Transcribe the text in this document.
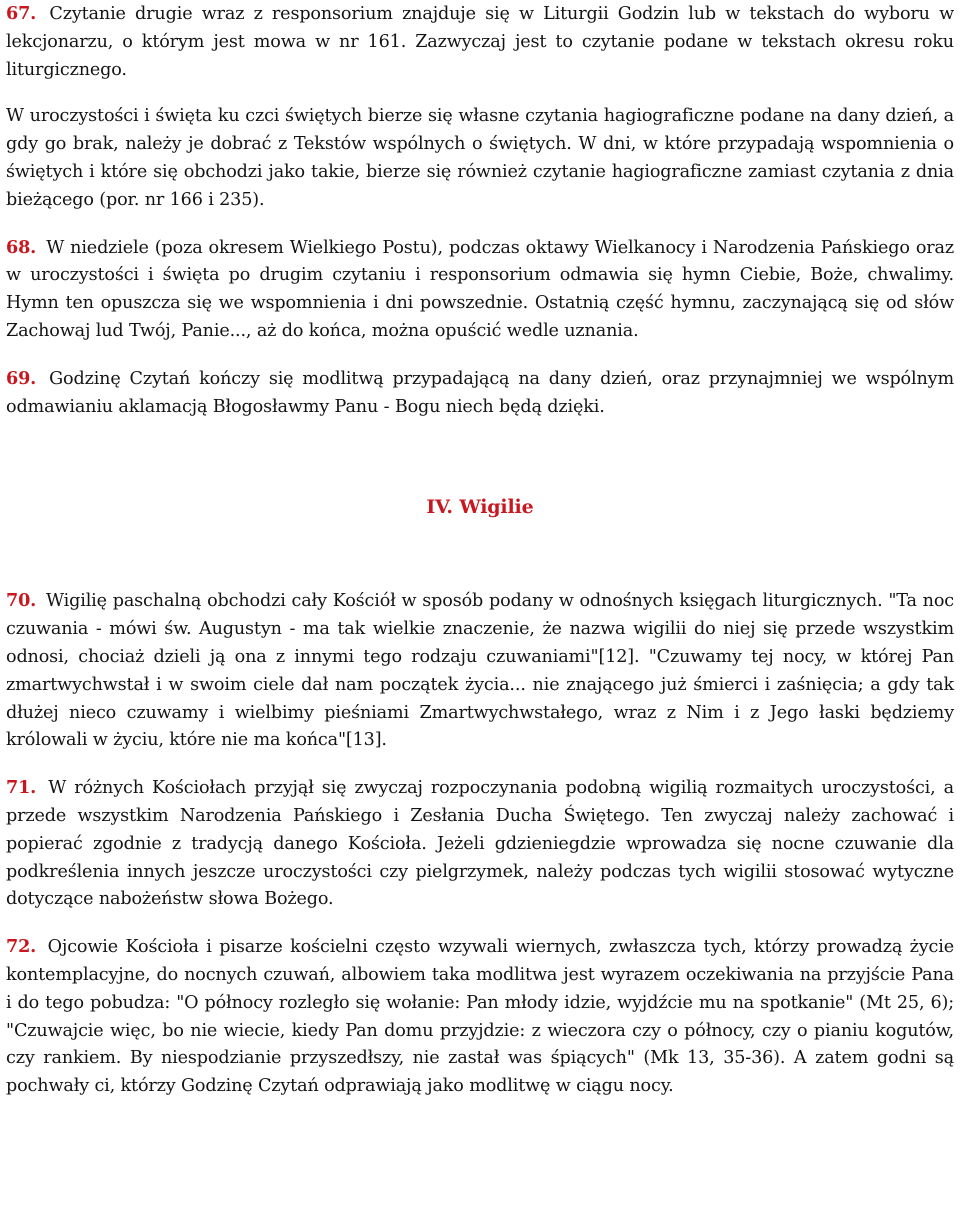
67. Czytanie drugie wraz z responsorium znajduje się w Liturgii Godzin lub w tekstach do wyboru w lekcjonarzu, o którym jest mowa w nr 161. Zazwyczaj jest to czytanie podane w tekstach okresu roku liturgicznego.

W uroczystości i święta ku czci świętych bierze się własne czytania hagiograficzne podane na dany dzień, a gdy go brak, należy je dobrać z Tekstów wspólnych o świętych. W dni, w które przypadają wspomnienia o świętych i które się obchodzi jako takie, bierze się również czytanie hagiograficzne zamiast czytania z dnia bieżącego (por. nr 166 i 235).

68. W niedziele (poza okresem Wielkiego Postu), podczas oktawy Wielkanocy i Narodzenia Pańskiego oraz w uroczystości i święta po drugim czytaniu i responsorium odmawia się hymn Ciebie, Boże, chwalimy. Hymn ten opuszcza się we wspomnienia i dni powszednie. Ostatnią część hymnu, zaczynającą się od słów Zachowaj lud Twój, Panie..., aż do końca, można opuścić wedle uznania.

69. Godzinę Czytań kończy się modlitwą przypadającą na dany dzień, oraz przynajmniej we wspólnym odmawianiu aklamacją Błogosławmy Panu - Bogu niech będą dzięki.

IV. Wigilie

70. Wigilię paschalną obchodzi cały Kościół w sposób podany w odnośnych księgach liturgicznych. "Ta noc czuwania - mówi św. Augustyn - ma tak wielkie znaczenie, że nazwa wigilii do niej się przede wszystkim odnosi, chociaż dzieli ją ona z innymi tego rodzaju czuwaniami"[12]. "Czuwamy tej nocy, w której Pan zmartwychwstał i w swoim ciele dał nam początek życia... nie znającego już śmierci i zaśnięcia; a gdy tak dłużej nieco czuwamy i wielbimy pieśniami Zmartwychwstałego, wraz z Nim i z Jego łaski będziemy królowali w życiu, które nie ma końca"[13].

71. W różnych Kościołach przyjął się zwyczaj rozpoczynania podobną wigilią rozmaitych uroczystości, a przede wszystkim Narodzenia Pańskiego i Zesłania Ducha Świętego. Ten zwyczaj należy zachować i popierać zgodnie z tradycją danego Kościoła. Jeżeli gdzieniegdzie wprowadza się nocne czuwanie dla podkreślenia innych jeszcze uroczystości czy pielgrzymek, należy podczas tych wigilii stosować wytyczne dotyczące nabożeństw słowa Bożego.

72. Ojcowie Kościoła i pisarze kościelni często wzywali wiernych, zwłaszcza tych, którzy prowadzą życie kontemplacyjne, do nocnych czuwań, albowiem taka modlitwa jest wyrazem oczekiwania na przyjście Pana i do tego pobudza: "O północy rozległo się wołanie: Pan młody idzie, wyjdźcie mu na spotkanie" (Mt 25, 6); "Czuwajcie więc, bo nie wiecie, kiedy Pan domu przyjdzie: z wieczora czy o północy, czy o pianiu kogutów, czy rankiem. By niespodzianie przyszedłszy, nie zastał was śpiących" (Mk 13, 35-36). A zatem godni są pochwały ci, którzy Godzinę Czytań odprawiają jako modlitwę w ciągu nocy.
